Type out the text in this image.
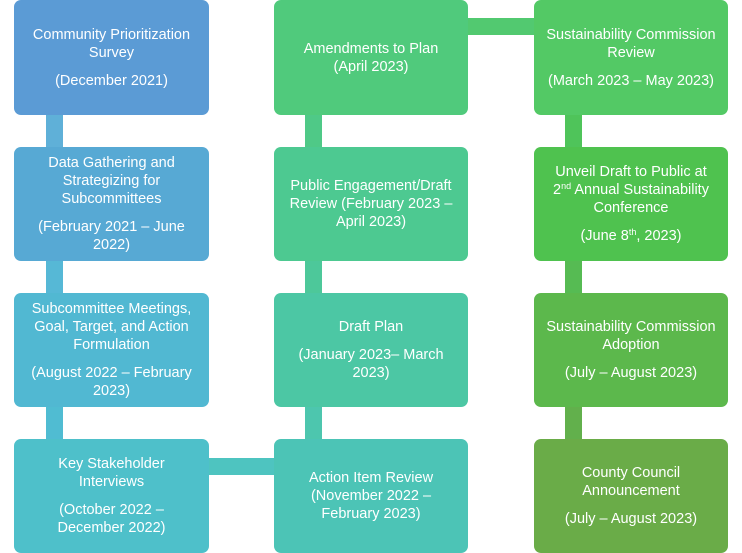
Community Prioritization Survey
(December 2021)
Data Gathering and Strategizing for Subcommittees
(February 2021 – June 2022)
Subcommittee Meetings, Goal, Target, and Action Formulation
(August 2022 – February 2023)
Key Stakeholder Interviews
(October 2022 – December 2022)
Action Item Review
(November 2022 – February 2023)
Draft Plan
(January 2023– March 2023)
Public Engagement/Draft Review (February 2023 – April 2023)
Amendments to Plan
(April 2023)
Sustainability Commission Review
(March 2023 – May 2023)
Unveil Draft to Public at
2nd Annual Sustainability Conference
(June 8th, 2023)
Sustainability Commission Adoption
(July – August 2023)
County Council Announcement
(July – August 2023)
